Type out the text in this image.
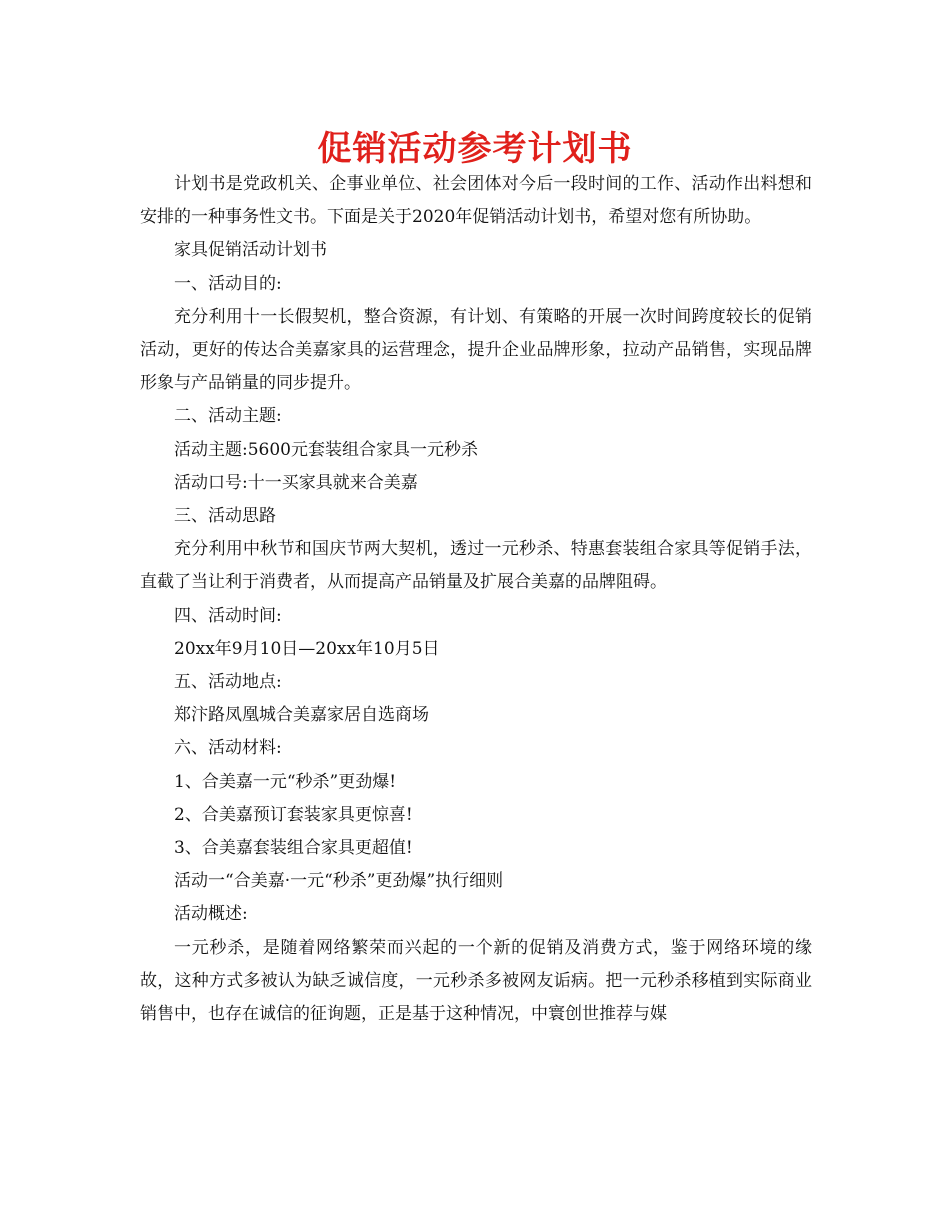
促销活动参考计划书

计划书是党政机关、企事业单位、社会团体对今后一段时间的工作、活动作出料想和安排的一种事务性文书。下面是关于2020年促销活动计划书，希望对您有所协助。

家具促销活动计划书

一、活动目的:

充分利用十一长假契机，整合资源，有计划、有策略的开展一次时间跨度较长的促销活动，更好的传达合美嘉家具的运营理念，提升企业品牌形象，拉动产品销售，实现品牌形象与产品销量的同步提升。

二、活动主题:

活动主题:5600元套装组合家具一元秒杀

活动口号:十一买家具就来合美嘉

三、活动思路

充分利用中秋节和国庆节两大契机，透过一元秒杀、特惠套装组合家具等促销手法，直截了当让利于消费者，从而提高产品销量及扩展合美嘉的品牌阻碍。

四、活动时间:

20xx年9月10日—20xx年10月5日

五、活动地点:

郑汴路凤凰城合美嘉家居自选商场

六、活动材料:

1、合美嘉一元“秒杀”更劲爆!

2、合美嘉预订套装家具更惊喜!

3、合美嘉套装组合家具更超值!

活动一“合美嘉·一元“秒杀”更劲爆”执行细则

活动概述:

一元秒杀，是随着网络繁荣而兴起的一个新的促销及消费方式，鉴于网络环境的缘故，这种方式多被认为缺乏诚信度，一元秒杀多被网友诟病。把一元秒杀移植到实际商业销售中，也存在诚信的征询题，正是基于这种情况，中寰创世推荐与媒
